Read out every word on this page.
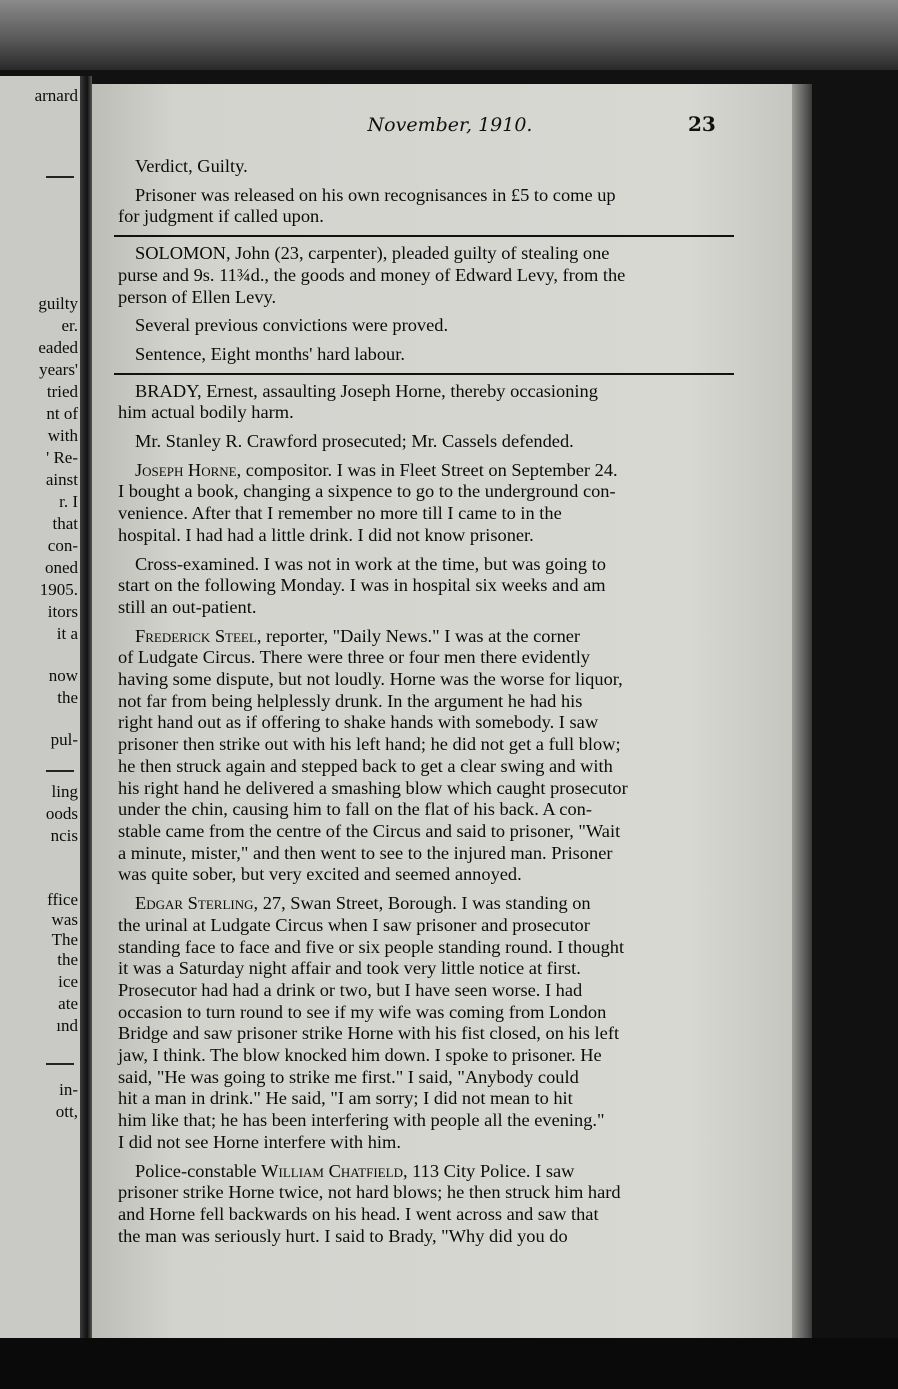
arnard
guilty
er.
eaded
years'
tried
nt of
with
' Re-
ainst
r. I
that
con-
oned
1905.
itors
it a
now
the
pul-
ling
oods
ncis
ffice
was
The
the
ice
ate
ınd
in-
ott,
November, 1910.	23

Verdict, Guilty.

Prisoner was released on his own recognisances in £5 to come up
for judgment if called upon.

SOLOMON, John (23, carpenter), pleaded guilty of stealing one
purse and 9s. 11¾d., the goods and money of Edward Levy, from the
person of Ellen Levy.

Several previous convictions were proved.

Sentence, Eight months' hard labour.

BRADY, Ernest, assaulting Joseph Horne, thereby occasioning
him actual bodily harm.

Mr. Stanley R. Crawford prosecuted; Mr. Cassels defended.

Joseph Horne, compositor. I was in Fleet Street on September 24.
I bought a book, changing a sixpence to go to the underground con-
venience. After that I remember no more till I came to in the
hospital. I had had a little drink. I did not know prisoner.

Cross-examined. I was not in work at the time, but was going to
start on the following Monday. I was in hospital six weeks and am
still an out-patient.

Frederick Steel, reporter, "Daily News." I was at the corner
of Ludgate Circus. There were three or four men there evidently
having some dispute, but not loudly. Horne was the worse for liquor,
not far from being helplessly drunk. In the argument he had his
right hand out as if offering to shake hands with somebody. I saw
prisoner then strike out with his left hand; he did not get a full blow;
he then struck again and stepped back to get a clear swing and with
his right hand he delivered a smashing blow which caught prosecutor
under the chin, causing him to fall on the flat of his back. A con-
stable came from the centre of the Circus and said to prisoner, "Wait
a minute, mister," and then went to see to the injured man. Prisoner
was quite sober, but very excited and seemed annoyed.

Edgar Sterling, 27, Swan Street, Borough. I was standing on
the urinal at Ludgate Circus when I saw prisoner and prosecutor
standing face to face and five or six people standing round. I thought
it was a Saturday night affair and took very little notice at first.
Prosecutor had had a drink or two, but I have seen worse. I had
occasion to turn round to see if my wife was coming from London
Bridge and saw prisoner strike Horne with his fist closed, on his left
jaw, I think. The blow knocked him down. I spoke to prisoner. He
said, "He was going to strike me first." I said, "Anybody could
hit a man in drink." He said, "I am sorry; I did not mean to hit
him like that; he has been interfering with people all the evening."
I did not see Horne interfere with him.

Police-constable William Chatfield, 113 City Police. I saw
prisoner strike Horne twice, not hard blows; he then struck him hard
and Horne fell backwards on his head. I went across and saw that
the man was seriously hurt. I said to Brady, "Why did you do
